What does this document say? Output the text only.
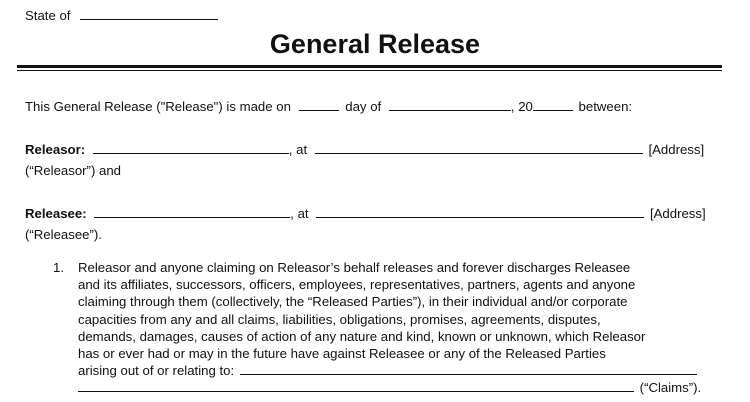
State of
General Release
This General Release ("Release") is made on	day of	, 20	between:
Releasor:	, at	[Address]
(“Releasor”) and
Releasee:	, at	[Address]
(“Releasee”).
1. Releasor and anyone claiming on Releasor’s behalf releases and forever discharges Releasee
and its affiliates, successors, officers, employees, representatives, partners, agents and anyone
claiming through them (collectively, the “Released Parties”), in their individual and/or corporate
capacities from any and all claims, liabilities, obligations, promises, agreements, disputes,
demands, damages, causes of action of any nature and kind, known or unknown, which Releasor
has or ever had or may in the future have against Releasee or any of the Released Parties
arising out of or relating to:
(“Claims”).
